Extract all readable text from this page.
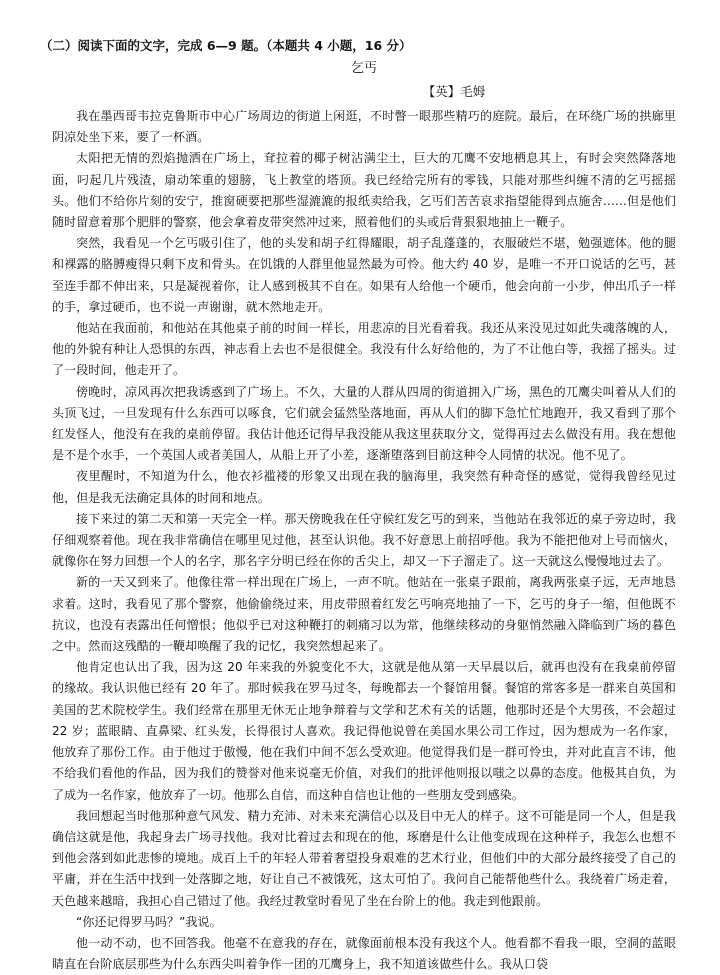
（二）阅读下面的文字，完成 6—9 题。（本题共 4 小题，16 分）
乞丐
【英】毛姆

我在墨西哥韦拉克鲁斯市中心广场周边的街道上闲逛，不时瞥一眼那些精巧的庭院。最后，在环绕广场的拱廊里阴凉处坐下来，要了一杯酒。

太阳把无情的烈焰抛洒在广场上，耷拉着的椰子树沾满尘土，巨大的兀鹰不安地栖息其上，有时会突然降落地面，叼起几片残渣，扇动笨重的翅膀，飞上教堂的塔顶。我已经给完所有的零钱，只能对那些纠缠不清的乞丐摇摇头。他们不给你片刻的安宁，推窗硬要把那些湿漉漉的报纸卖给我，乞丐们苦苦哀求指望能得到点施舍……但是他们随时留意着那个肥胖的警察，他会拿着皮带突然冲过来，照着他们的头或后背狠狠地抽上一鞭子。

突然，我看见一个乞丐吸引住了，他的头发和胡子红得耀眼，胡子乱蓬蓬的，衣服破烂不堪，勉强遮体。他的腿和裸露的胳膊瘦得只剩下皮和骨头。在饥饿的人群里他显然最为可怜。他大约 40 岁，是唯一不开口说话的乞丐，甚至连手都不伸出来，只是凝视着你，让人感到极其不自在。如果有人给他一个硬币，他会向前一小步，伸出爪子一样的手，拿过硬币，也不说一声谢谢，就木然地走开。

他站在我面前，和他站在其他桌子前的时间一样长，用悲凉的目光看着我。我还从来没见过如此失魂落魄的人，他的外貌有种让人恐惧的东西，神志看上去也不是很健全。我没有什么好给他的，为了不让他白等，我摇了摇头。过了一段时间，他走开了。

傍晚时，凉风再次把我诱惑到了广场上。不久，大量的人群从四周的街道拥入广场，黑色的兀鹰尖叫着从人们的头顶飞过，一旦发现有什么东西可以啄食，它们就会猛然坠落地面，再从人们的脚下急忙忙地跑开，我又看到了那个红发怪人，他没有在我的桌前停留。我估计他还记得早我没能从我这里获取分文，觉得再过去么做没有用。我在想他是不是个水手，一个英国人或者美国人，从船上开了小差，逐渐堕落到目前这种令人同情的状况。他不见了。

夜里醒时，不知道为什么，他衣衫褴褛的形象又出现在我的脑海里，我突然有种奇怪的感觉，觉得我曾经见过他，但是我无法确定具体的时间和地点。

接下来过的第二天和第一天完全一样。那天傍晚我在任守候红发乞丐的到来，当他站在我邻近的桌子旁边时，我仔细观察着他。现在我非常确信在哪里见过他，甚至认识他。我不好意思上前招呼他。我为不能把他对上号而恼火，就像你在努力回想一个人的名字，那名字分明已经在你的舌尖上，却又一下子溜走了。这一天就这么慢慢地过去了。

新的一天又到来了。他像往常一样出现在广场上，一声不吭。他站在一张桌子跟前，离我两张桌子远，无声地恳求着。这时，我看见了那个警察，他偷偷绕过来，用皮带照着红发乞丐响亮地抽了一下，乞丐的身子一缩，但他既不抗议，也没有表露出任何憎恨；他似乎已对这种鞭打的刺痛习以为常，他继续移动的身躯悄然融入降临到广场的暮色之中。然而这残酷的一鞭却唤醒了我的记忆，我突然想起来了。

他肯定也认出了我，因为这 20 年来我的外貌变化不大，这就是他从第一天早晨以后，就再也没有在我桌前停留的缘故。我认识他已经有 20 年了。那时候我在罗马过冬，每晚都去一个餐馆用餐。餐馆的常客多是一群来自英国和美国的艺术院校学生。我们经常在那里无休无止地争辩着与文学和艺术有关的话题，他那时还是个大男孩，不会超过 22 岁；蓝眼睛、直鼻梁、红头发，长得很讨人喜欢。我记得他说曾在美国水果公司工作过，因为想成为一名作家，他放弃了那份工作。由于他过于傲慢，他在我们中间不怎么受欢迎。他觉得我们是一群可怜虫，并对此直言不讳，他不给我们看他的作品，因为我们的赞誉对他来说毫无价值，对我们的批评他则报以嗤之以鼻的态度。他极其自负，为了成为一名作家，他放弃了一切。他那么自信，而这种自信也让他的一些朋友受到感染。

我回想起当时他那种意气风发、精力充沛、对未来充满信心以及目中无人的样子。这不可能是同一个人，但是我确信这就是他，我起身去广场寻找他。我对比着过去和现在的他，琢磨是什么让他变成现在这种样子，我怎么也想不到他会落到如此悲惨的境地。成百上千的年轻人带着奢望投身艰难的艺术行业，但他们中的大部分最终接受了自己的平庸，并在生活中找到一处落脚之地，好让自己不被饿死，这太可怕了。我问自己能帮他些什么。我绕着广场走着，天色越来越暗，我担心自己错过了他。我经过教堂时看见了坐在台阶上的他。我走到他跟前。

“你还记得罗马吗？”我说。

他一动不动，也不回答我。他毫不在意我的存在，就像面前根本没有我这个人。他看都不看我一眼，空洞的蓝眼睛直在台阶底层那些为什么东西尖叫着争作一团的兀鹰身上，我不知道该做些什么。我从口袋
